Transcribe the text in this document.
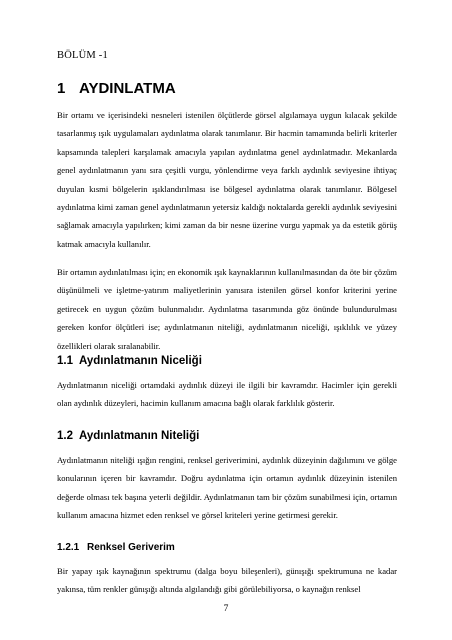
BÖLÜM -1
1 AYDINLATMA
Bir ortamı ve içerisindeki nesneleri istenilen ölçütlerde görsel algılamaya uygun kılacak şekilde tasarlanmış ışık uygulamaları aydınlatma olarak tanımlanır. Bir hacmin tamamında belirli kriterler kapsamında talepleri karşılamak amacıyla yapılan aydınlatma genel aydınlatmadır. Mekanlarda genel aydınlatmanın yanı sıra çeşitli vurgu, yönlendirme veya farklı aydınlık seviyesine ihtiyaç duyulan kısmi bölgelerin ışıklandırılması ise bölgesel aydınlatma olarak tanımlanır. Bölgesel aydınlatma kimi zaman genel aydınlatmanın yetersiz kaldığı noktalarda gerekli aydınlık seviyesini sağlamak amacıyla yapılırken; kimi zaman da bir nesne üzerine vurgu yapmak ya da estetik görüş katmak amacıyla kullanılır.
Bir ortamın aydınlatılması için; en ekonomik ışık kaynaklarının kullanılmasından da öte bir çözüm düşünülmeli ve işletme-yatırım maliyetlerinin yanısıra istenilen görsel konfor kriterini yerine getirecek en uygun çözüm bulunmalıdır. Aydınlatma tasarımında göz önünde bulundurulması gereken konfor ölçütleri ise; aydınlatmanın niteliği, aydınlatmanın niceliği, ışıklılık ve yüzey özellikleri olarak sıralanabilir.
1.1 Aydınlatmanın Niceliği
Aydınlatmanın niceliği ortamdaki aydınlık düzeyi ile ilgili bir kavramdır. Hacimler için gerekli olan aydınlık düzeyleri, hacimin kullanım amacına bağlı olarak farklılık gösterir.
1.2 Aydınlatmanın Niteliği
Aydınlatmanın niteliği ışığın rengini, renksel geriverimini, aydınlık düzeyinin dağılımını ve gölge konularının içeren bir kavramdır. Doğru aydınlatma için ortamın aydınlık düzeyinin istenilen değerde olması tek başına yeterli değildir. Aydınlatmanın tam bir çözüm sunabilmesi için, ortamın kullanım amacına hizmet eden renksel ve görsel kriteleri yerine getirmesi gerekir.
1.2.1 Renksel Geriverim
Bir yapay ışık kaynağının spektrumu (dalga boyu bileşenleri), günışığı spektrumuna ne kadar yakınsa, tüm renkler günışığı altında algılandığı gibi görülebiliyorsa, o kaynağın renksel
7
